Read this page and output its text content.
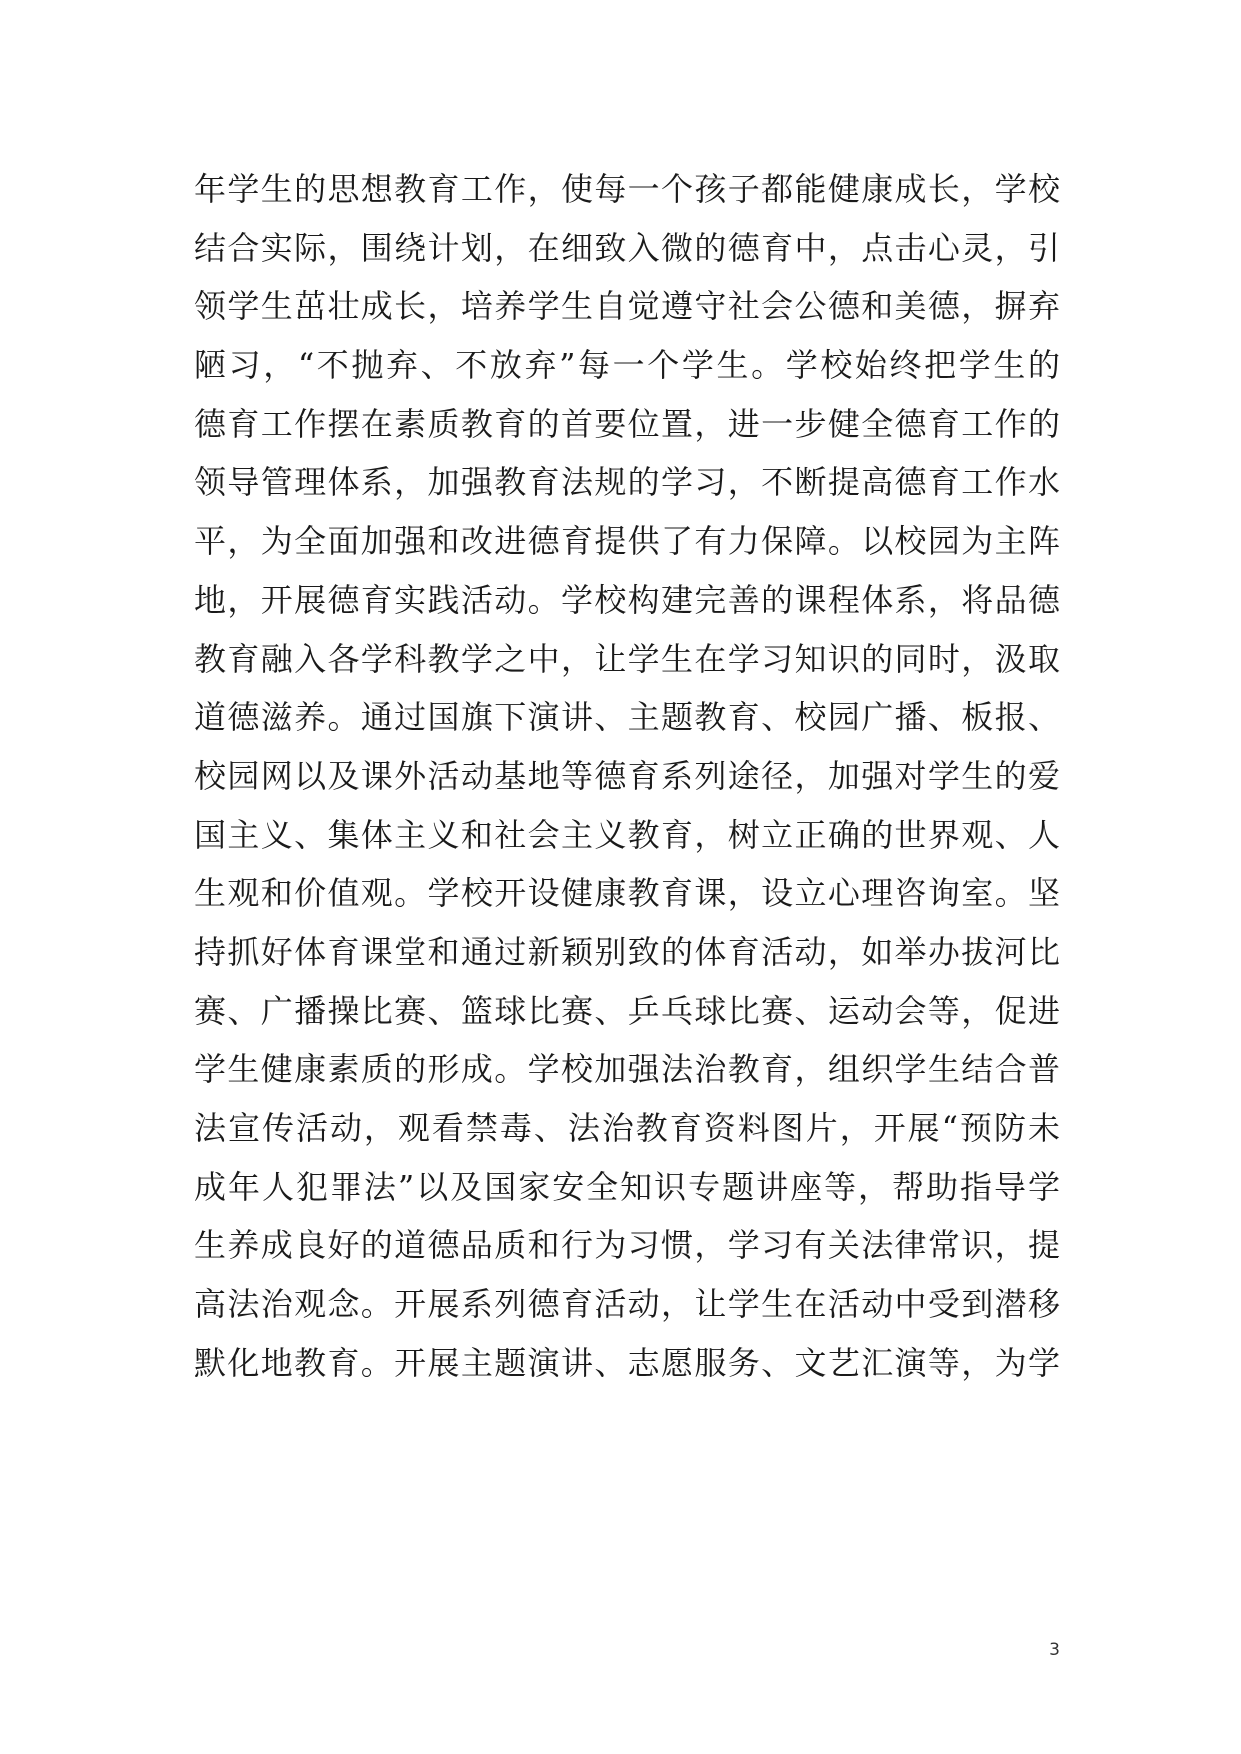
年学生的思想教育工作，使每一个孩子都能健康成长，学校
结合实际，围绕计划，在细致入微的德育中，点击心灵，引
领学生茁壮成长，培养学生自觉遵守社会公德和美德，摒弃
陋习，“不抛弃、不放弃”每一个学生。学校始终把学生的
德育工作摆在素质教育的首要位置，进一步健全德育工作的
领导管理体系，加强教育法规的学习，不断提高德育工作水
平，为全面加强和改进德育提供了有力保障。以校园为主阵
地，开展德育实践活动。学校构建完善的课程体系，将品德
教育融入各学科教学之中，让学生在学习知识的同时，汲取
道德滋养。通过国旗下演讲、主题教育、校园广播、板报、
校园网以及课外活动基地等德育系列途径，加强对学生的爱
国主义、集体主义和社会主义教育，树立正确的世界观、人
生观和价值观。学校开设健康教育课，设立心理咨询室。坚
持抓好体育课堂和通过新颖别致的体育活动，如举办拔河比
赛、广播操比赛、篮球比赛、乒乓球比赛、运动会等，促进
学生健康素质的形成。学校加强法治教育，组织学生结合普
法宣传活动，观看禁毒、法治教育资料图片，开展“预防未
成年人犯罪法”以及国家安全知识专题讲座等，帮助指导学
生养成良好的道德品质和行为习惯，学习有关法律常识，提
高法治观念。开展系列德育活动，让学生在活动中受到潜移
默化地教育。开展主题演讲、志愿服务、文艺汇演等，为学
3
